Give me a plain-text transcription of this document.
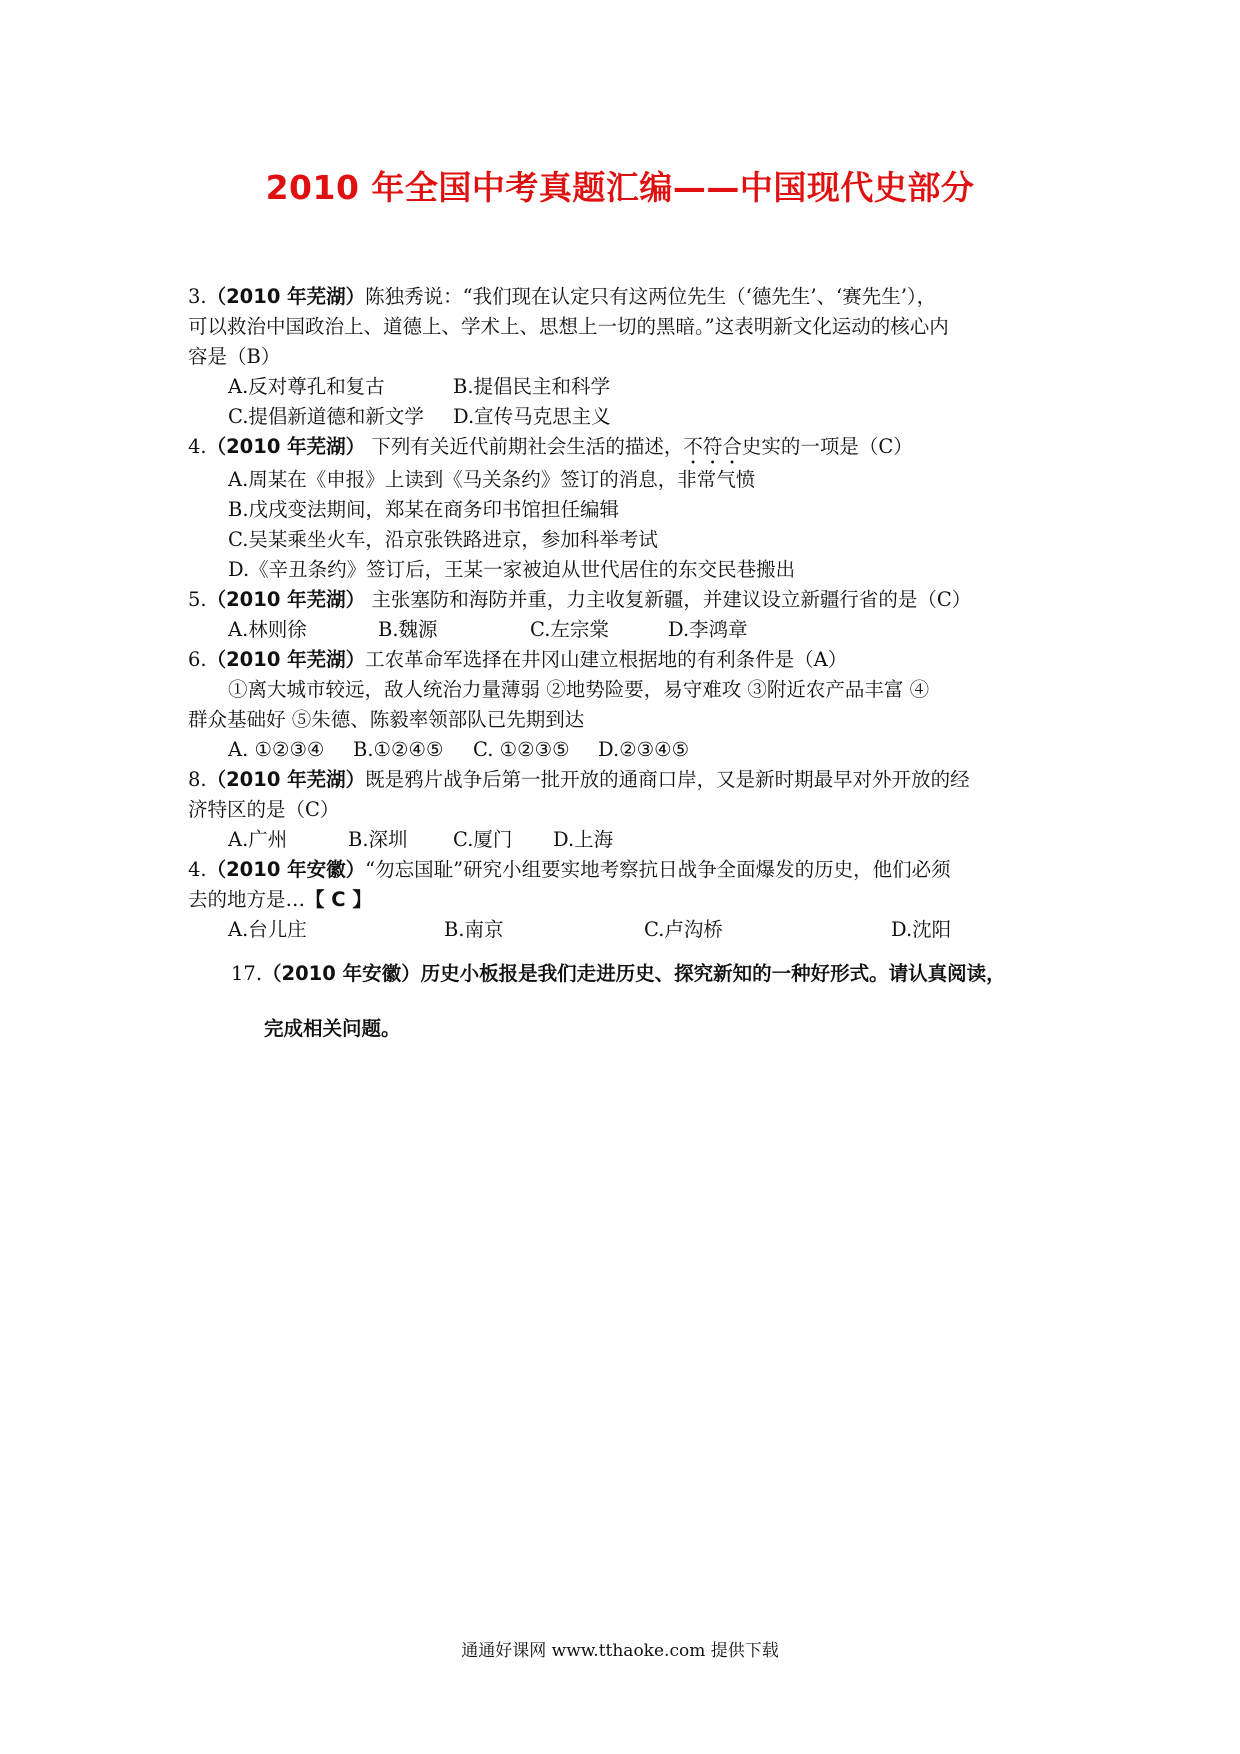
2010 年全国中考真题汇编——中国现代史部分
3.（2010 年芜湖）陈独秀说：“我们现在认定只有这两位先生（‘德先生’、‘赛先生’），
可以救治中国政治上、道德上、学术上、思想上一切的黑暗。”这表明新文化运动的核心内
容是（B）
A.反对尊孔和复古	B.提倡民主和科学
C.提倡新道德和新文学 D.宣传马克思主义
4.（2010 年芜湖） 下列有关近代前期社会生活的描述，不符合史实的一项是（C）
A.周某在《申报》上读到《马关条约》签订的消息，非常气愤
B.戊戌变法期间，郑某在商务印书馆担任编辑
C.吴某乘坐火车，沿京张铁路进京，参加科举考试
D.《辛丑条约》签订后，王某一家被迫从世代居住的东交民巷搬出
5.（2010 年芜湖） 主张塞防和海防并重，力主收复新疆，并建议设立新疆行省的是（C）
A.林则徐	B.魏源	C.左宗棠	D.李鸿章
6.（2010 年芜湖）工农革命军选择在井冈山建立根据地的有利条件是（A）
①离大城市较远，敌人统治力量薄弱 ②地势险要，易守难攻 ③附近农产品丰富 ④
群众基础好 ⑤朱德、陈毅率领部队已先期到达
A. ①②③④ B.①②④⑤ C. ①②③⑤ D.②③④⑤
8.（2010 年芜湖）既是鸦片战争后第一批开放的通商口岸，又是新时期最早对外开放的经
济特区的是（C）
A.广州	B.深圳 C.厦门 D.上海
4.（2010 年安徽）“勿忘国耻”研究小组要实地考察抗日战争全面爆发的历史，他们必须
去的地方是…【 C 】
A.台儿庄	B.南京	C.卢沟桥	D.沈阳
17.（2010 年安徽）历史小板报是我们走进历史、探究新知的一种好形式。请认真阅读，
完成相关问题。
通通好课网 www.tthaoke.com 提供下载
